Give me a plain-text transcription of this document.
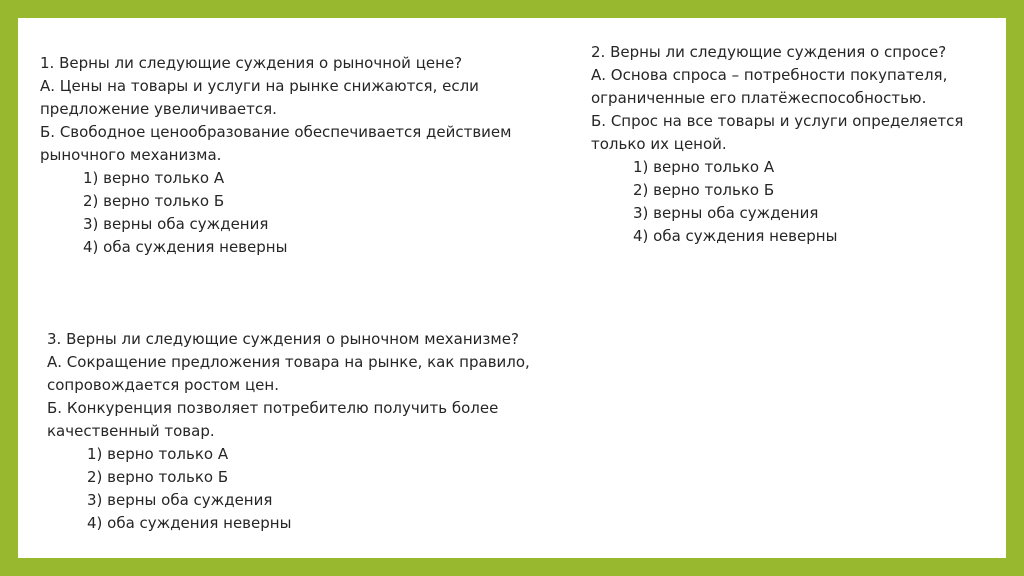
1. Верны ли следующие суждения о рыночной цене?
А. Цены на товары и услуги на рынке снижаются, если
предложение увеличивается.
Б. Свободное ценообразование обеспечивается действием
рыночного механизма.
1) верно только А
2) верно только Б
3) верны оба суждения
4) оба суждения неверны
2. Верны ли следующие суждения о спросе?
А. Основа спроса – потребности покупателя,
ограниченные его платёжеспособностью.
Б. Спрос на все товары и услуги определяется
только их ценой.
1) верно только А
2) верно только Б
3) верны оба суждения
4) оба суждения неверны
3. Верны ли следующие суждения о рыночном механизме?
А. Сокращение предложения товара на рынке, как правило,
сопровождается ростом цен.
Б. Конкуренция позволяет потребителю получить более
качественный товар.
1) верно только А
2) верно только Б
3) верны оба суждения
4) оба суждения неверны
